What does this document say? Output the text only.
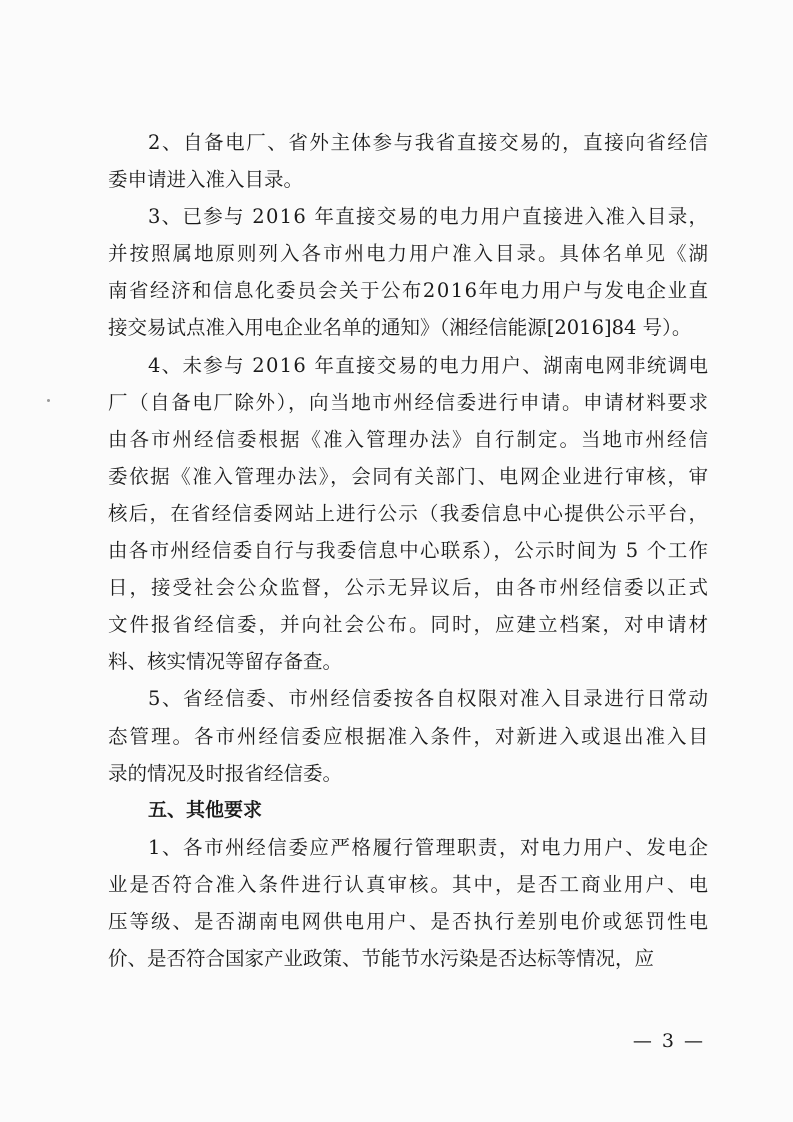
2、自备电厂、省外主体参与我省直接交易的，直接向省经信
委申请进入准入目录。
3、已参与 2016 年直接交易的电力用户直接进入准入目录，
并按照属地原则列入各市州电力用户准入目录。具体名单见《湖
南省经济和信息化委员会关于公布2016年电力用户与发电企业直
接交易试点准入用电企业名单的通知》（湘经信能源[2016]84 号）。
4、未参与 2016 年直接交易的电力用户、湖南电网非统调电
厂（自备电厂除外），向当地市州经信委进行申请。申请材料要求
由各市州经信委根据《准入管理办法》自行制定。当地市州经信
委依据《准入管理办法》，会同有关部门、电网企业进行审核，审
核后，在省经信委网站上进行公示（我委信息中心提供公示平台，
由各市州经信委自行与我委信息中心联系），公示时间为 5 个工作
日，接受社会公众监督，公示无异议后，由各市州经信委以正式
文件报省经信委，并向社会公布。同时，应建立档案，对申请材
料、核实情况等留存备查。
5、省经信委、市州经信委按各自权限对准入目录进行日常动
态管理。各市州经信委应根据准入条件，对新进入或退出准入目
录的情况及时报省经信委。
五、其他要求
1、各市州经信委应严格履行管理职责，对电力用户、发电企
业是否符合准入条件进行认真审核。其中，是否工商业用户、电
压等级、是否湖南电网供电用户、是否执行差别电价或惩罚性电
价、是否符合国家产业政策、节能节水污染是否达标等情况，应
— 3 —
